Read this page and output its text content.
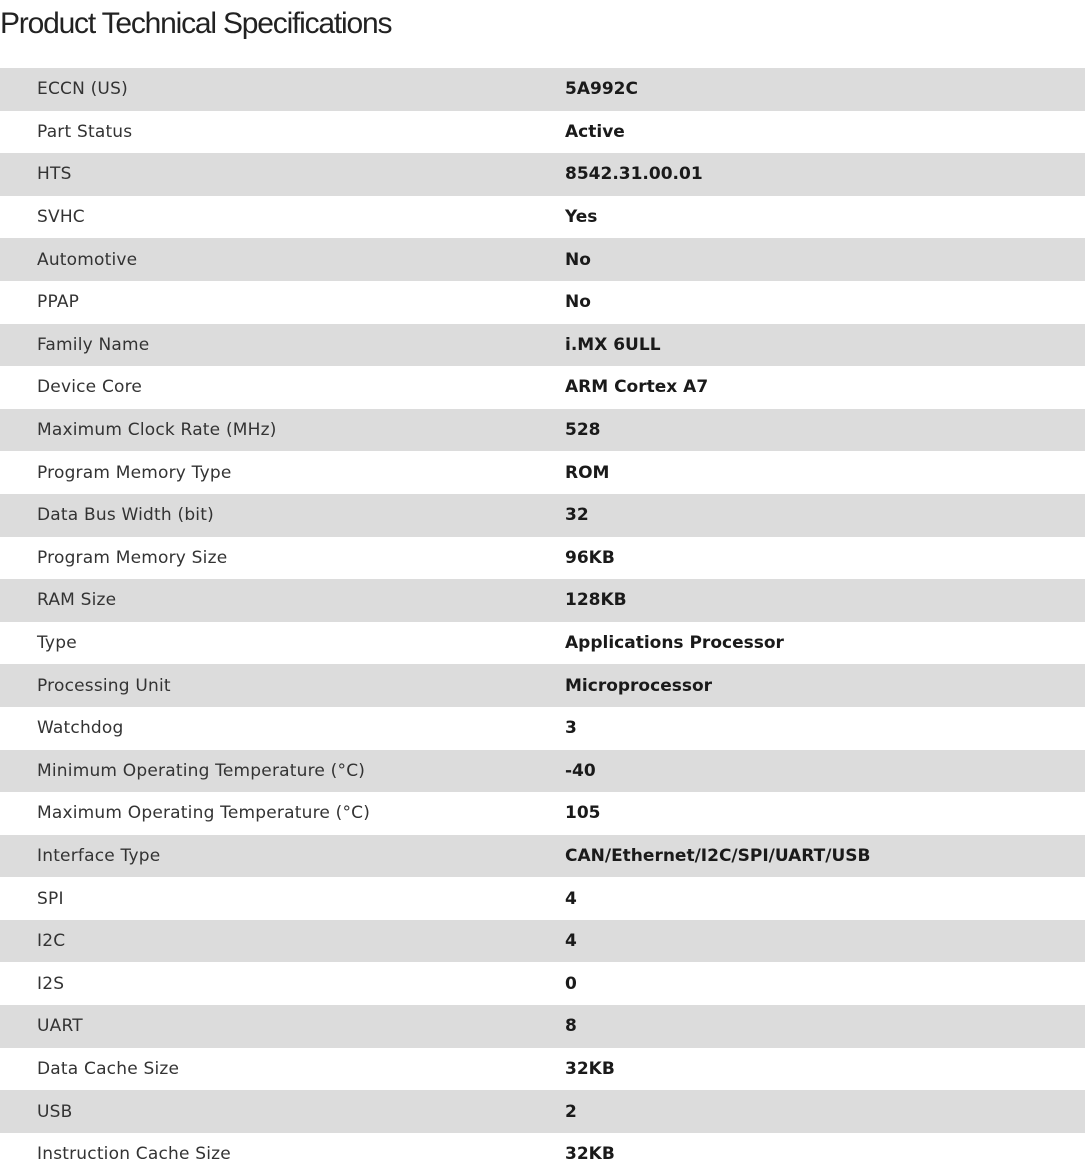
Product Technical Specifications
ECCN (US)	5A992C
Part Status	Active
HTS	8542.31.00.01
SVHC	Yes
Automotive	No
PPAP	No
Family Name	i.MX 6ULL
Device Core	ARM Cortex A7
Maximum Clock Rate (MHz)	528
Program Memory Type	ROM
Data Bus Width (bit)	32
Program Memory Size	96KB
RAM Size	128KB
Type	Applications Processor
Processing Unit	Microprocessor
Watchdog	3
Minimum Operating Temperature (°C)	-40
Maximum Operating Temperature (°C)	105
Interface Type	CAN/Ethernet/I2C/SPI/UART/USB
SPI	4
I2C	4
I2S	0
UART	8
Data Cache Size	32KB
USB	2
Instruction Cache Size	32KB
